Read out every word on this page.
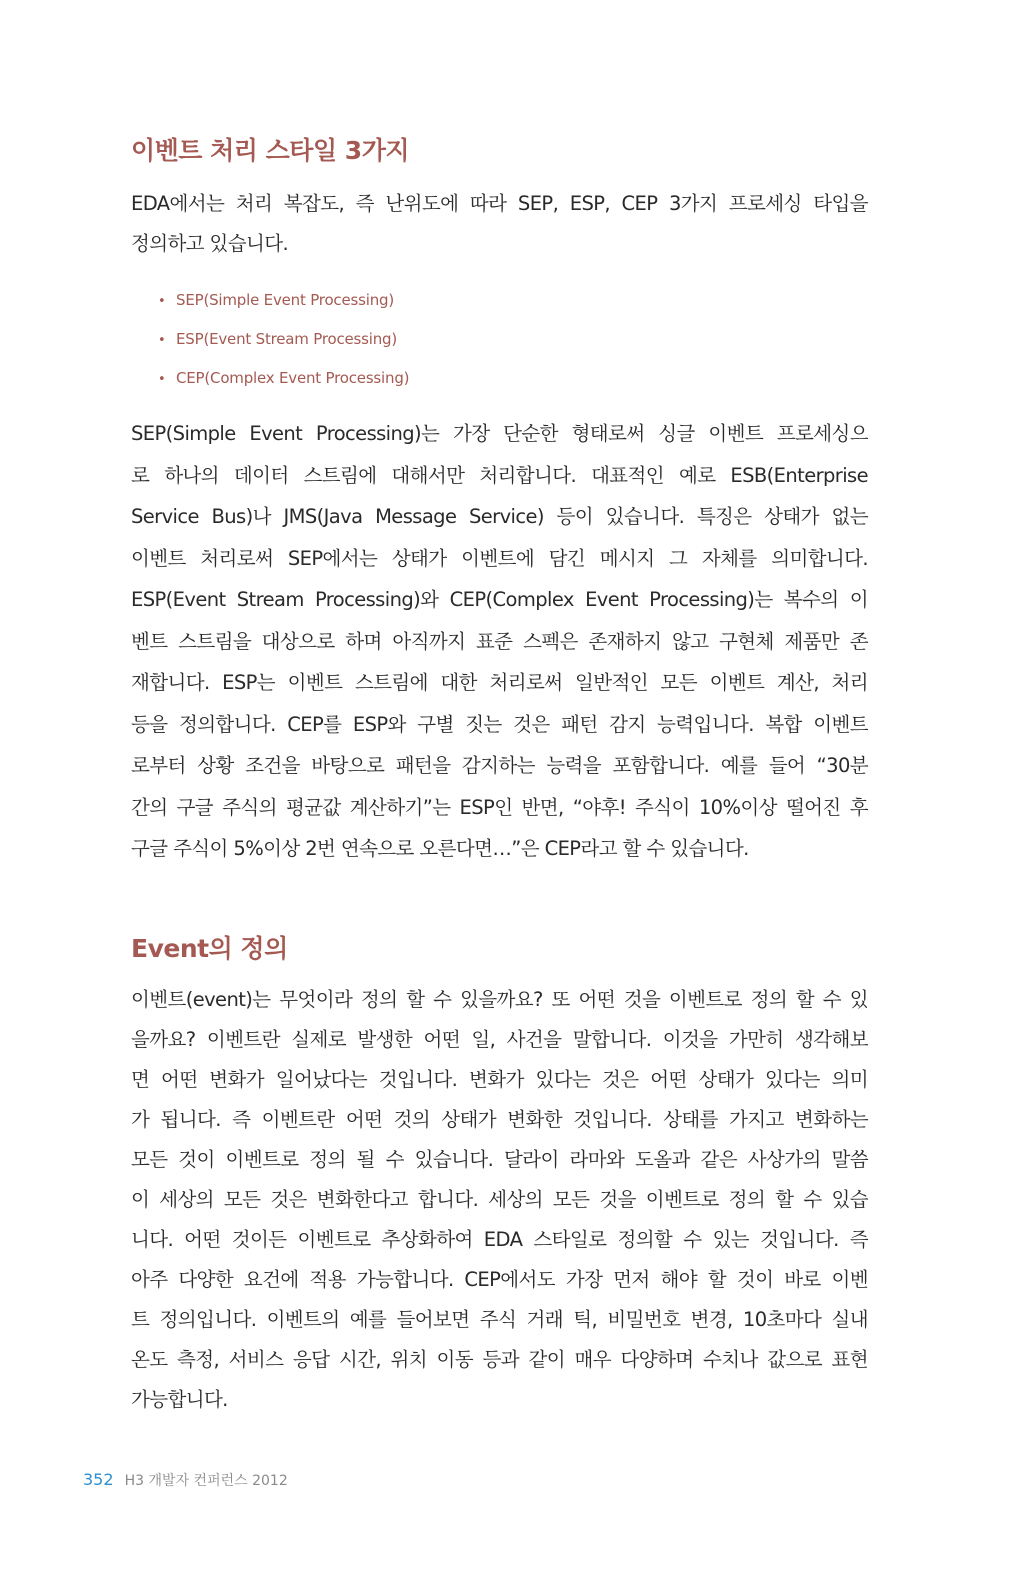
이벤트 처리 스타일 3가지

EDA에서는 처리 복잡도, 즉 난위도에 따라 SEP, ESP, CEP 3가지 프로세싱 타입을

정의하고 있습니다.

• SEP(Simple Event Processing)
• ESP(Event Stream Processing)
• CEP(Complex Event Processing)

SEP(Simple Event Processing)는 가장 단순한 형태로써 싱글 이벤트 프로세싱으

로 하나의 데이터 스트림에 대해서만 처리합니다. 대표적인 예로 ESB(Enterprise

Service Bus)나 JMS(Java Message Service) 등이 있습니다. 특징은 상태가 없는

이벤트 처리로써 SEP에서는 상태가 이벤트에 담긴 메시지 그 자체를 의미합니다.

ESP(Event Stream Processing)와 CEP(Complex Event Processing)는 복수의 이

벤트 스트림을 대상으로 하며 아직까지 표준 스펙은 존재하지 않고 구현체 제품만 존

재합니다. ESP는 이벤트 스트림에 대한 처리로써 일반적인 모든 이벤트 계산, 처리

등을 정의합니다. CEP를 ESP와 구별 짓는 것은 패턴 감지 능력입니다. 복합 이벤트

로부터 상황 조건을 바탕으로 패턴을 감지하는 능력을 포함합니다. 예를 들어 “30분

간의 구글 주식의 평균값 계산하기”는 ESP인 반면, “야후! 주식이 10%이상 떨어진 후

구글 주식이 5%이상 2번 연속으로 오른다면…”은 CEP라고 할 수 있습니다.

Event의 정의

이벤트(event)는 무엇이라 정의 할 수 있을까요? 또 어떤 것을 이벤트로 정의 할 수 있

을까요? 이벤트란 실제로 발생한 어떤 일, 사건을 말합니다. 이것을 가만히 생각해보

면 어떤 변화가 일어났다는 것입니다. 변화가 있다는 것은 어떤 상태가 있다는 의미

가 됩니다. 즉 이벤트란 어떤 것의 상태가 변화한 것입니다. 상태를 가지고 변화하는

모든 것이 이벤트로 정의 될 수 있습니다. 달라이 라마와 도올과 같은 사상가의 말씀

이 세상의 모든 것은 변화한다고 합니다. 세상의 모든 것을 이벤트로 정의 할 수 있습

니다. 어떤 것이든 이벤트로 추상화하여 EDA 스타일로 정의할 수 있는 것입니다. 즉

아주 다양한 요건에 적용 가능합니다. CEP에서도 가장 먼저 해야 할 것이 바로 이벤

트 정의입니다. 이벤트의 예를 들어보면 주식 거래 틱, 비밀번호 변경, 10초마다 실내

온도 측정, 서비스 응답 시간, 위치 이동 등과 같이 매우 다양하며 수치나 값으로 표현

가능합니다.

352 H3 개발자 컨퍼런스 2012
